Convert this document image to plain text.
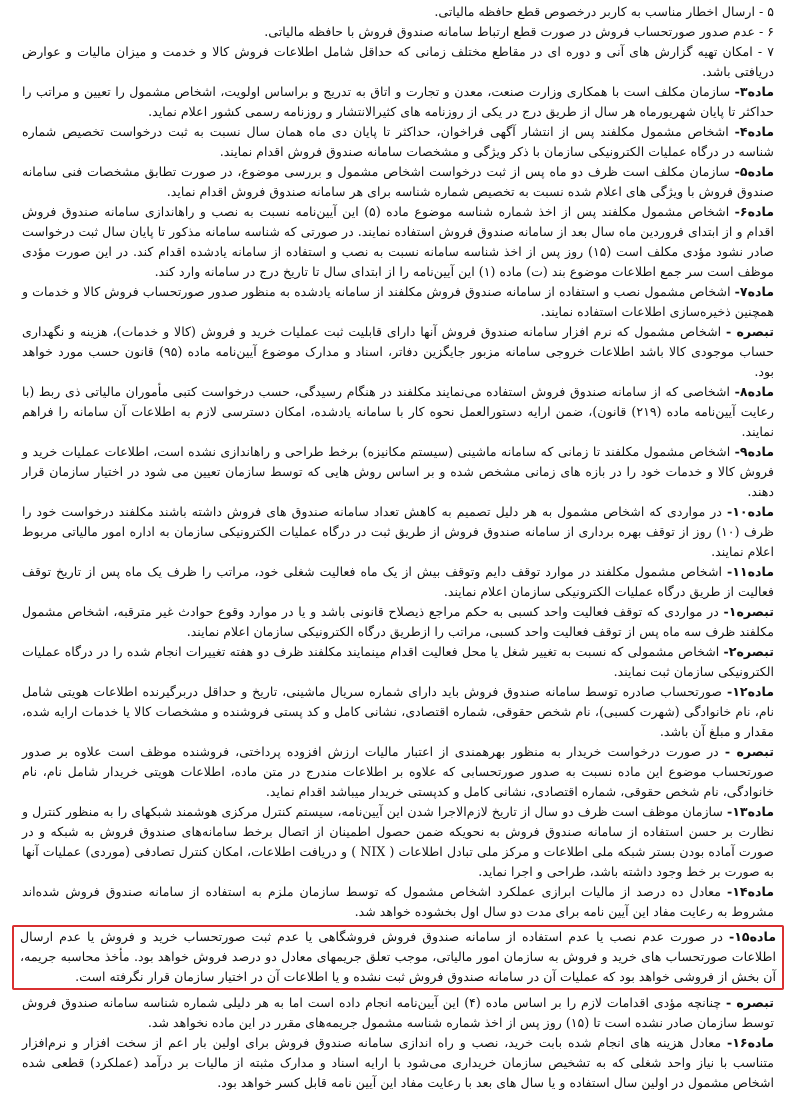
۵ - ارسال اخطار مناسب به کاربر درخصوص قطع حافظه مالیاتی.

۶ - عدم صدور صورتحساب فروش در صورت قطع ارتباط سامانه صندوق فروش با حافظه مالیاتی.

۷ - امکان تهیه گزارش های آنی و دوره ای در مقاطع مختلف زمانی که حداقل شامل اطلاعات فروش کالا و خدمت و میزان مالیات و عوارض دریافتی باشد.

ماده۳- سازمان مکلف است با همکاری وزارت صنعت، معدن و تجارت و اتاق به تدریج و براساس اولویت، اشخاص مشمول را تعیین و مراتب را حداکثر تا پایان شهریورماه هر سال از طریق درج در یکی از روزنامه های کثیرالانتشار و روزنامه رسمی کشور اعلام نماید.

ماده۴- اشخاص مشمول مکلفند پس از انتشار آگهی فراخوان، حداکثر تا پایان دی ماه همان سال نسبت به ثبت درخواست تخصیص شماره شناسه در درگاه عملیات الکترونیکی سازمان با ذکر ویژگی و مشخصات سامانه صندوق فروش اقدام نمایند.

ماده۵- سازمان مکلف است ظرف دو ماه پس از ثبت درخواست اشخاص مشمول و بررسی موضوع، در صورت تطابق مشخصات فنی سامانه صندوق فروش با ویژگی های اعلام شده نسبت به تخصیص شماره شناسه برای هر سامانه صندوق فروش اقدام نماید.

ماده۶- اشخاص مشمول مکلفند پس از اخذ شماره شناسه موضوع ماده (۵) این آیین‌نامه نسبت به نصب و راهاندازی سامانه صندوق فروش اقدام و از ابتدای فروردین ماه سال بعد از سامانه صندوق فروش استفاده نمایند. در صورتی که شناسه سامانه مذکور تا پایان سال ثبت درخواست صادر نشود مؤدی مکلف است (۱۵) روز پس از اخذ شناسه سامانه نسبت به نصب و استفاده از سامانه یادشده اقدام کند. در این صورت مؤدی موظف است سر جمع اطلاعات موضوع بند (ت) ماده (۱) این آیین‌نامه را از ابتدای سال تا تاریخ درج در سامانه وارد کند.

ماده۷- اشخاص مشمول نصب و استفاده از سامانه صندوق فروش مکلفند از سامانه یادشده به منظور صدور صورتحساب فروش کالا و خدمات و همچنین ذخیره‌سازی اطلاعات استفاده نمایند.

تبصره - اشخاص مشمول که نرم افزار سامانه صندوق فروش آنها دارای قابلیت ثبت عملیات خرید و فروش (کالا و خدمات)، هزینه و نگهداری حساب موجودی کالا باشد اطلاعات خروجی سامانه مزبور جایگزین دفاتر، اسناد و مدارک موضوع آیین‌نامه ماده (۹۵) قانون حسب مورد خواهد بود.

ماده۸- اشخاصی که از سامانه صندوق فروش استفاده می‌نمایند مکلفند در هنگام رسیدگی، حسب درخواست کتبی مأموران مالیاتی ذی ربط (با رعایت آیین‌نامه ماده (۲۱۹) قانون)، ضمن ارایه دستورالعمل نحوه کار با سامانه یادشده، امکان دسترسی لازم به اطلاعات آن سامانه را فراهم نمایند.

ماده۹- اشخاص مشمول مکلفند تا زمانی که سامانه ماشینی (سیستم مکانیزه) برخط طراحی و راهاندازی نشده است، اطلاعات عملیات خرید و فروش کالا و خدمات خود را در بازه های زمانی مشخص شده و بر اساس روش هایی که توسط سازمان تعیین می شود در اختیار سازمان قرار دهند.

ماده۱۰- در مواردی که اشخاص مشمول به هر دلیل تصمیم به کاهش تعداد سامانه صندوق های فروش داشته باشند مکلفند درخواست خود را ظرف (۱۰) روز از توقف بهره برداری از سامانه صندوق فروش از طریق ثبت در درگاه عملیات الکترونیکی سازمان به اداره امور مالیاتی مربوط اعلام نمایند.

ماده۱۱- اشخاص مشمول مکلفند در موارد توقف دایم وتوقف بیش از یک ماه فعالیت شغلی خود، مراتب را ظرف یک ماه پس از تاریخ توقف فعالیت از طریق درگاه عملیات الکترونیکی سازمان اعلام نمایند.

تبصره۱- در مواردی که توقف فعالیت واحد کسبی به حکم مراجع ذیصلاح قانونی باشد و یا در موارد وقوع حوادث غیر مترقبه، اشخاص مشمول مکلفند ظرف سه ماه پس از توقف فعالیت واحد کسبی، مراتب را ازطریق درگاه الکترونیکی سازمان اعلام نمایند.

تبصره۲- اشخاص مشمولی که نسبت به تغییر شغل یا محل فعالیت اقدام مینمایند مکلفند ظرف دو هفته تغییرات انجام شده را در درگاه عملیات الکترونیکی سازمان ثبت نمایند.

ماده۱۲- صورتحساب صادره توسط سامانه صندوق فروش باید دارای شماره سریال ماشینی، تاریخ و حداقل دربرگیرنده اطلاعات هویتی شامل نام، نام خانوادگی (شهرت کسبی)، نام شخص حقوقی، شماره اقتصادی، نشانی کامل و کد پستی فروشنده و مشخصات کالا یا خدمات ارایه شده، مقدار و مبلغ آن باشد.

تبصره - در صورت درخواست خریدار به منظور بهرهمندی از اعتبار مالیات ارزش افزوده پرداختی، فروشنده موظف است علاوه بر صدور صورتحساب موضوع این ماده نسبت به صدور صورتحسابی که علاوه بر اطلاعات مندرج در متن ماده، اطلاعات هویتی خریدار شامل نام، نام خانوادگی، نام شخص حقوقی، شماره اقتصادی، نشانی کامل و کدپستی خریدار میباشد اقدام نماید.

ماده۱۳- سازمان موظف است ظرف دو سال از تاریخ لازم‌الاجرا شدن این آیین‌نامه، سیستم کنترل مرکزی هوشمند شبکهای را به منظور کنترل و نظارت بر حسن استفاده از سامانه صندوق فروش به نحویکه ضمن حصول اطمینان از اتصال برخط سامانه‌های صندوق فروش به شبکه و در صورت آماده بودن بستر شبکه ملی اطلاعات و مرکز ملی تبادل اطلاعات ( NIX ) و دریافت اطلاعات، امکان کنترل تصادفی (موردی) عملیات آنها به صورت بر خط وجود داشته باشد، طراحی و اجرا نماید.

ماده۱۴- معادل ده درصد از مالیات ابرازی عملکرد اشخاص مشمول که توسط سازمان ملزم به استفاده از سامانه صندوق فروش شده‌اند مشروط به رعایت مفاد این آیین نامه برای مدت دو سال اول بخشوده خواهد شد.

ماده۱۵- در صورت عدم نصب یا عدم استفاده از سامانه صندوق فروش فروشگاهی یا عدم ثبت صورتحساب خرید و فروش یا عدم ارسال اطلاعات صورتحساب های خرید و فروش به سازمان امور مالیاتی، موجب تعلق جریمهای معادل دو درصد فروش خواهد بود. مأخذ محاسبه جریمه، آن بخش از فروشی خواهد بود که عملیات آن در سامانه صندوق فروش ثبت نشده و یا اطلاعات آن در اختیار سازمان قرار نگرفته است.

تبصره - چنانچه مؤدی اقدامات لازم را بر اساس ماده (۴) این آیین‌نامه انجام داده است اما به هر دلیلی شماره شناسه سامانه صندوق فروش توسط سازمان صادر نشده است تا (۱۵) روز پس از اخذ شماره شناسه مشمول جریمه‌های مقرر در این ماده نخواهد شد.

ماده۱۶- معادل هزینه های انجام شده بابت خرید، نصب و راه اندازی سامانه صندوق فروش برای اولین بار اعم از سخت افزار و نرم‌افزار متناسب با نیاز واحد شغلی که به تشخیص سازمان خریداری می‌شود با ارایه اسناد و مدارک مثبته از مالیات بر درآمد (عملکرد) قطعی شده اشخاص مشمول در اولین سال استفاده و یا سال های بعد با رعایت مفاد این آیین نامه قابل کسر خواهد بود.
